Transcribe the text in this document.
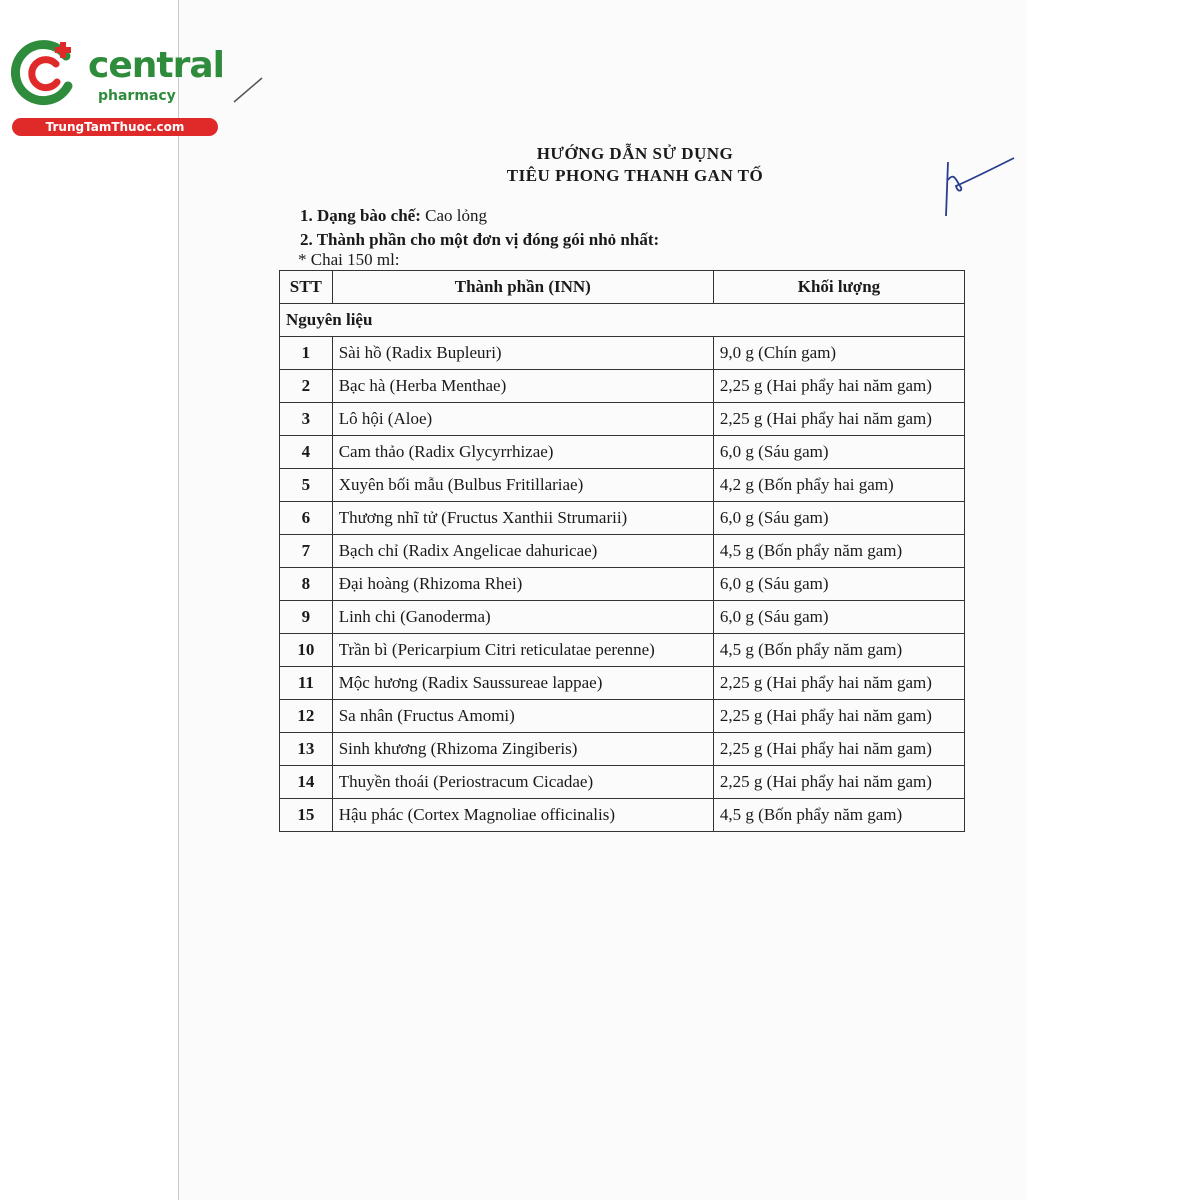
central
pharmacy
TrungTamThuoc.com
HƯỚNG DẪN SỬ DỤNG
TIÊU PHONG THANH GAN TỐ
1. Dạng bào chế: Cao lỏng
2. Thành phần cho một đơn vị đóng gói nhỏ nhất:
* Chai 150 ml:
STT	Thành phần (INN)	Khối lượng
Nguyên liệu		
1	Sài hồ (Radix Bupleuri)	9,0 g (Chín gam)
2	Bạc hà (Herba Menthae)	2,25 g (Hai phẩy hai năm gam)
3	Lô hội (Aloe)	2,25 g (Hai phẩy hai năm gam)
4	Cam thảo (Radix Glycyrrhizae)	6,0 g (Sáu gam)
5	Xuyên bối mẫu (Bulbus Fritillariae)	4,2 g (Bốn phẩy hai gam)
6	Thương nhĩ tử (Fructus Xanthii Strumarii)	6,0 g (Sáu gam)
7	Bạch chỉ (Radix Angelicae dahuricae)	4,5 g (Bốn phẩy năm gam)
8	Đại hoàng (Rhizoma Rhei)	6,0 g (Sáu gam)
9	Linh chi (Ganoderma)	6,0 g (Sáu gam)
10	Trần bì (Pericarpium Citri reticulatae perenne)	4,5 g (Bốn phẩy năm gam)
11	Mộc hương (Radix Saussureae lappae)	2,25 g (Hai phẩy hai năm gam)
12	Sa nhân (Fructus Amomi)	2,25 g (Hai phẩy hai năm gam)
13	Sinh khương (Rhizoma Zingiberis)	2,25 g (Hai phẩy hai năm gam)
14	Thuyền thoái (Periostracum Cicadae)	2,25 g (Hai phẩy hai năm gam)
15	Hậu phác (Cortex Magnoliae officinalis)	4,5 g (Bốn phẩy năm gam)
